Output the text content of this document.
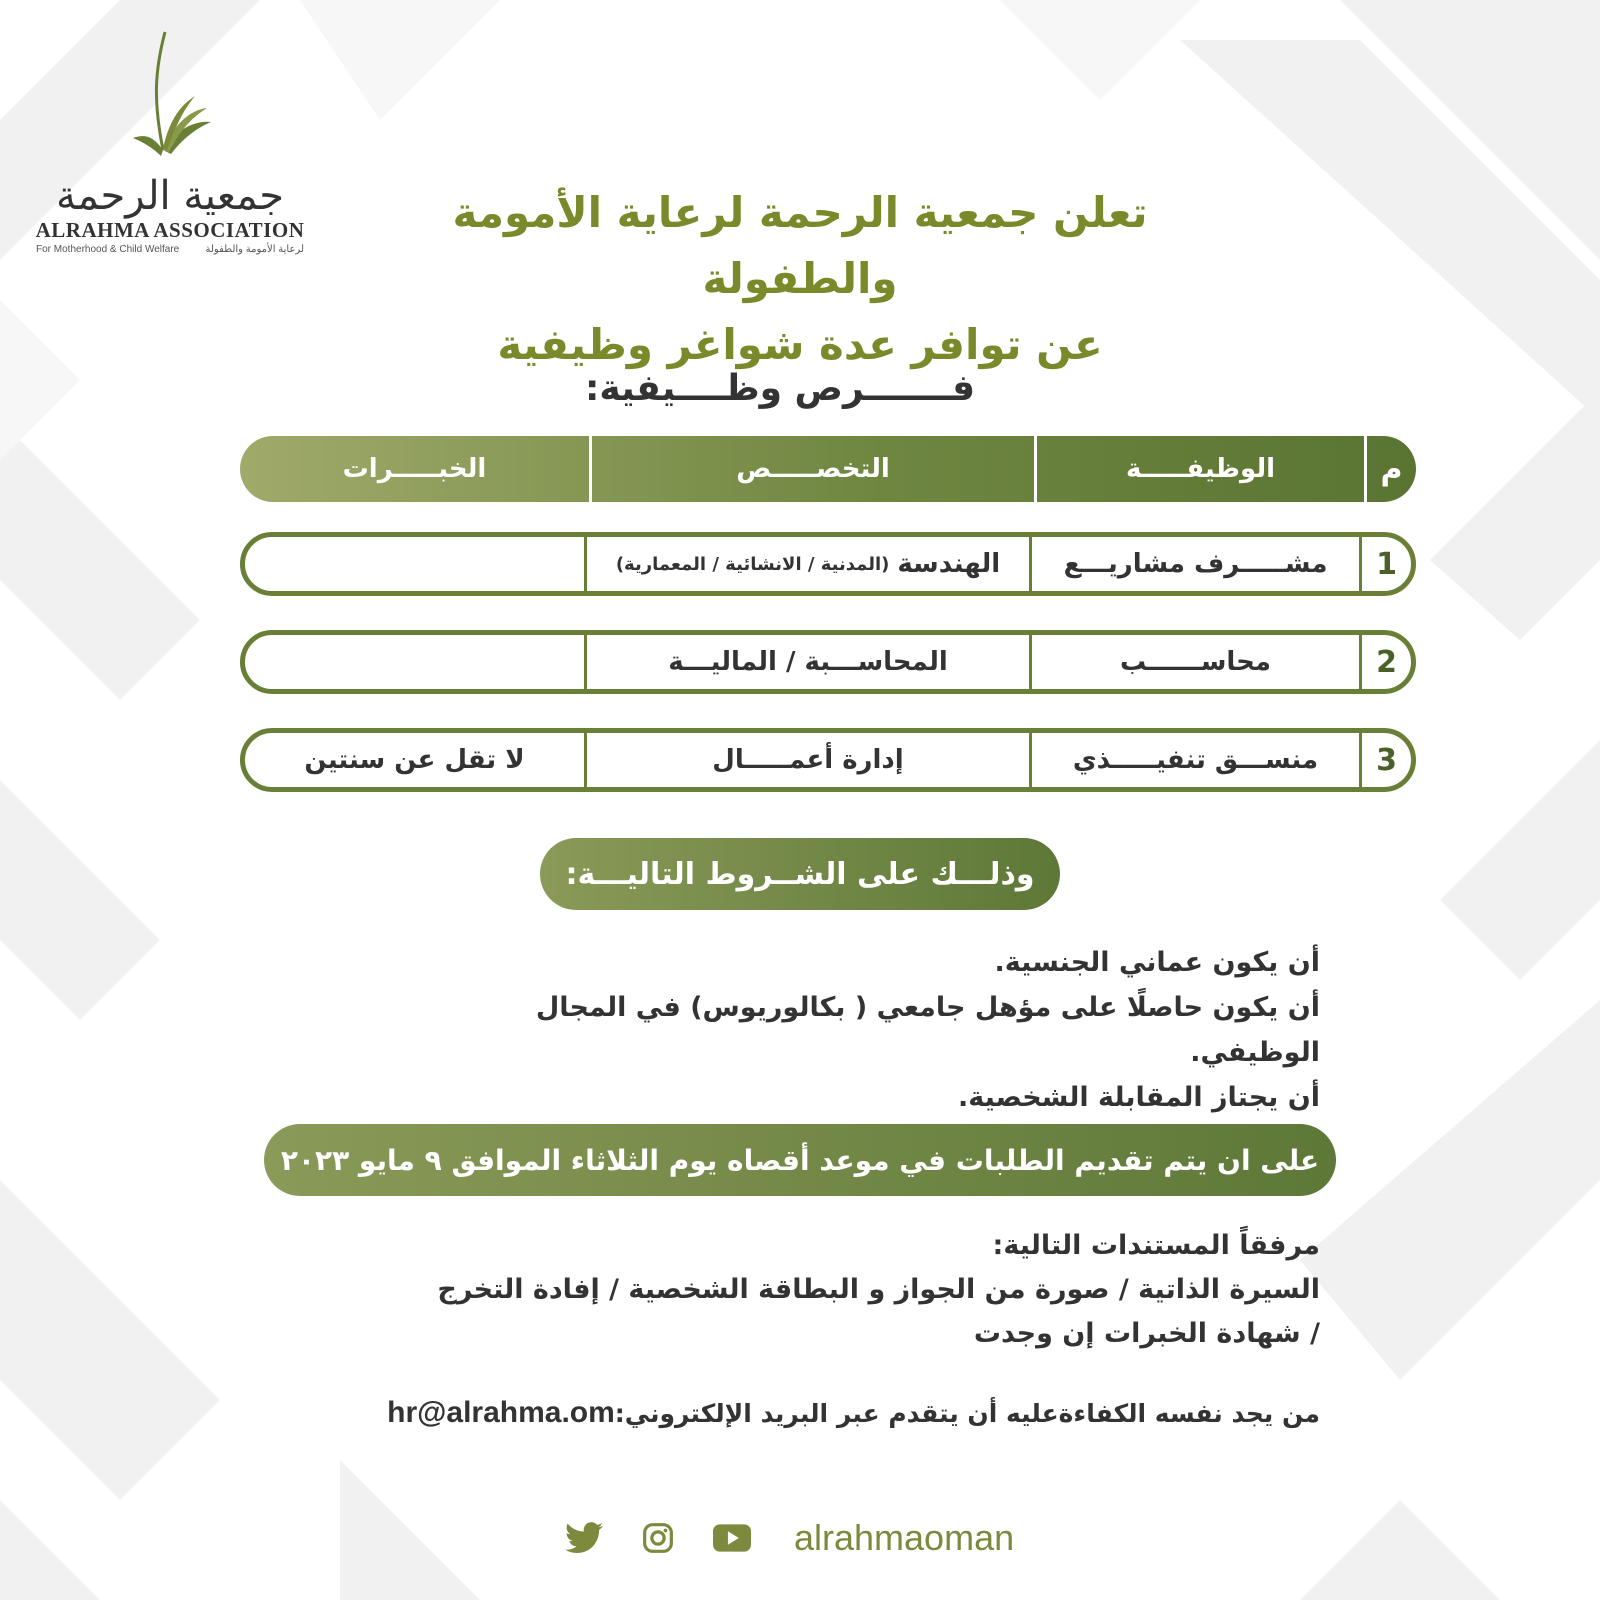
جمعية الرحمة
ALRAHMA ASSOCIATION
For Motherhood & Child Welfare	لرعاية الأمومة والطفولة
تعلن جمعية الرحمة لرعاية الأمومة والطفولة
عن توافر عدة شواغر وظيفية
فـــــــرص وظــــيفية:
م
الوظيفـــــة
التخصـــــص
الخبـــــرات
1
مشـــــرف مشاريـــع
الهندسة
(المدنية / الانشائية / المعمارية)
2
محاســــــب
المحاســـبة / الماليـــة
3
منســـق تنفيـــــذي
إدارة أعمـــــال
لا تقل عن سنتين
وذلـــك على الشــروط التاليـــة:
أن يكون عماني الجنسية.
أن يكون حاصلًا على مؤهل جامعي ( بكالوريوس) في المجال الوظيفي.
أن يجتاز المقابلة الشخصية.
على ان يتم تقديم الطلبات في موعد أقصاه يوم الثلاثاء الموافق ٩ مايو ٢٠٢٣
مرفقاً المستندات التالية:
السيرة الذاتية / صورة من الجواز و البطاقة الشخصية / إفادة التخرج
/ شهادة الخبرات إن وجدت
من يجد نفسه الكفاءةعليه أن يتقدم عبر البريد الإلكتروني:hr@alrahma.om
alrahmaoman
